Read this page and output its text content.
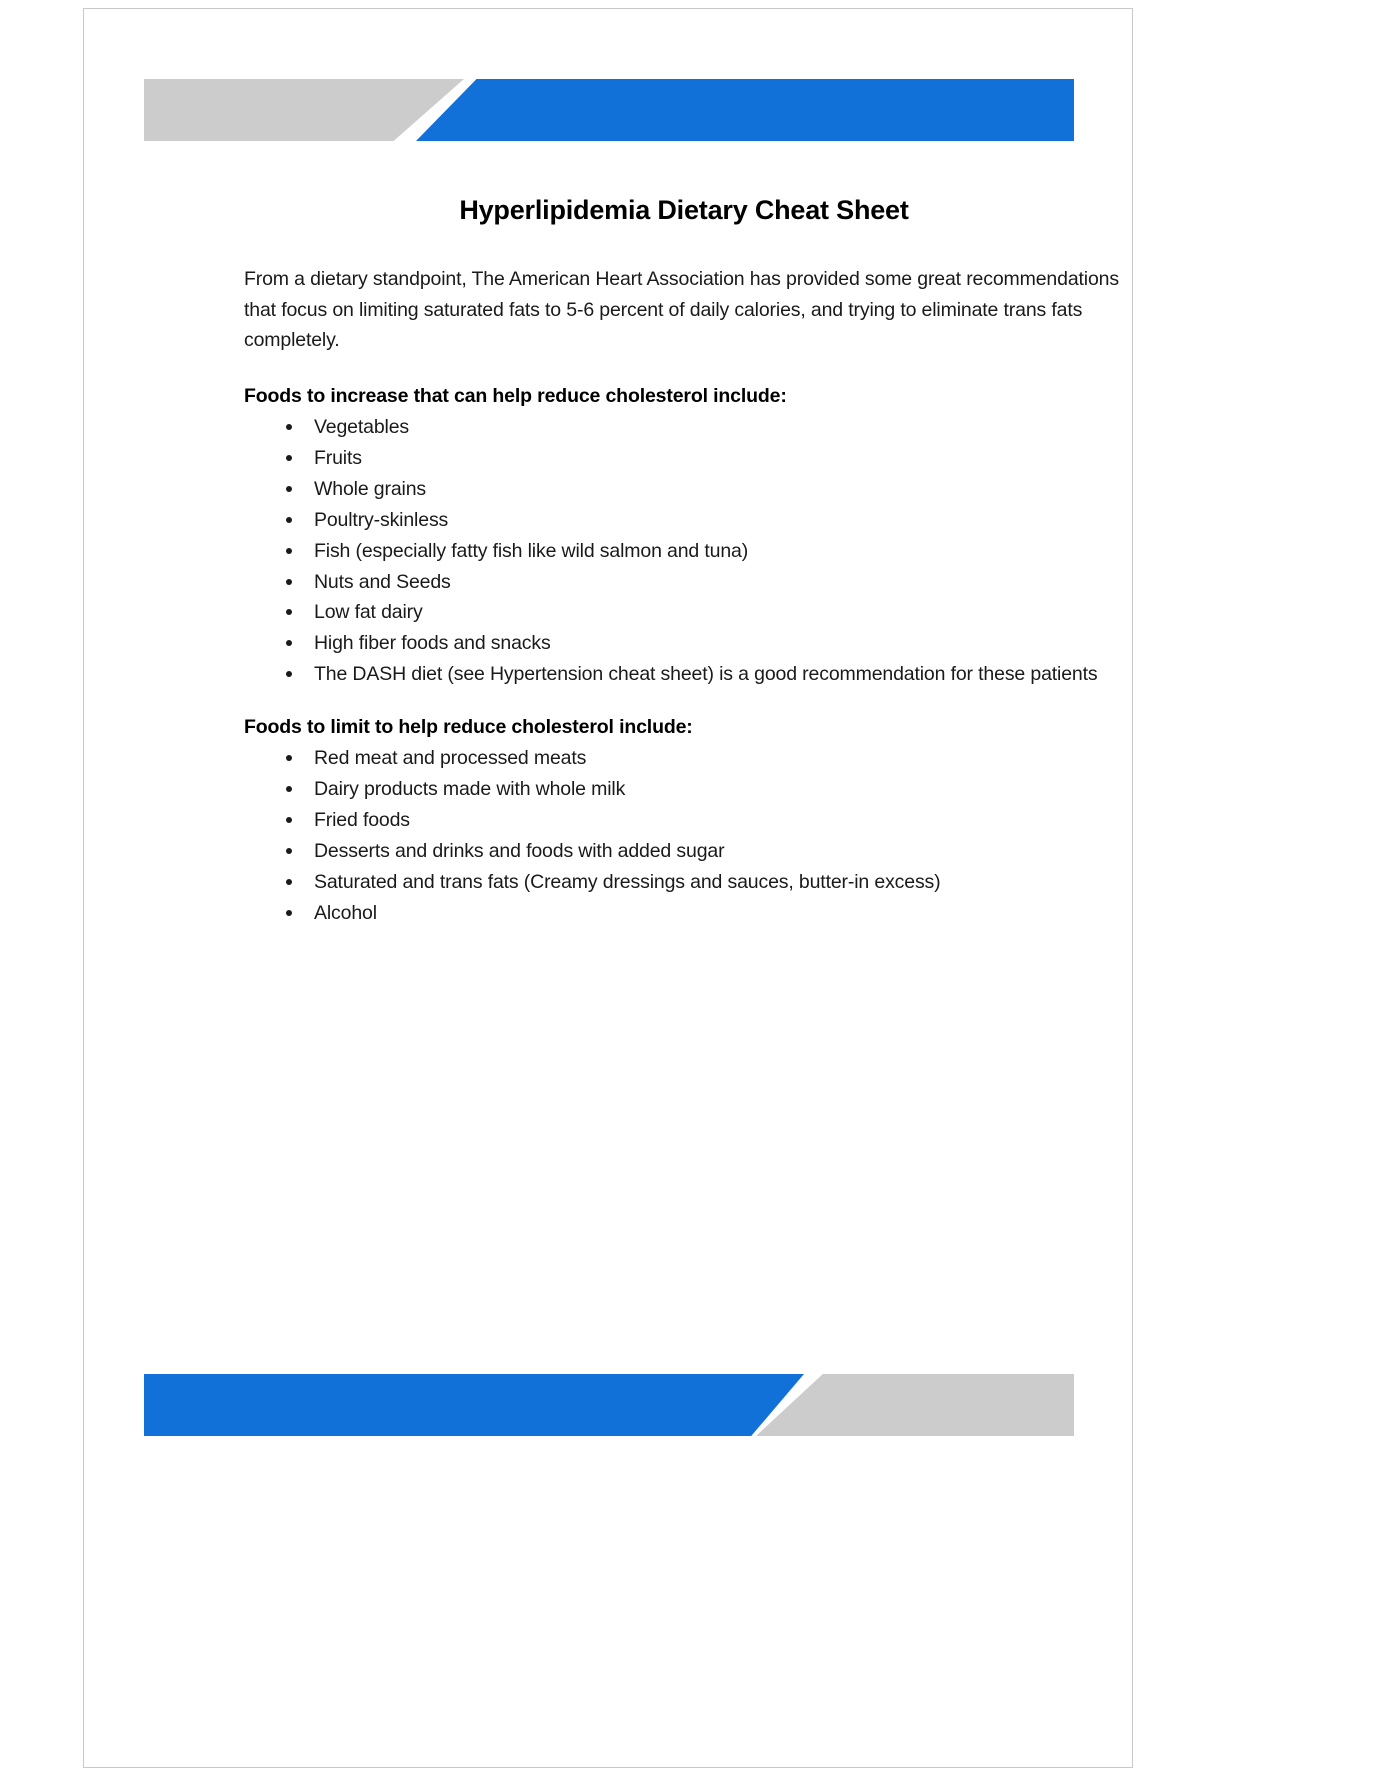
Hyperlipidemia Dietary Cheat Sheet

From a dietary standpoint, The American Heart Association has provided some great recommendations that focus on limiting saturated fats to 5-6 percent of daily calories, and trying to eliminate trans fats completely.

Foods to increase that can help reduce cholesterol include:
Vegetables
Fruits
Whole grains
Poultry-skinless
Fish (especially fatty fish like wild salmon and tuna)
Nuts and Seeds
Low fat dairy
High fiber foods and snacks
The DASH diet (see Hypertension cheat sheet) is a good recommendation for these patients
Foods to limit to help reduce cholesterol include:
Red meat and processed meats
Dairy products made with whole milk
Fried foods
Desserts and drinks and foods with added sugar
Saturated and trans fats (Creamy dressings and sauces, butter-in excess)
Alcohol
